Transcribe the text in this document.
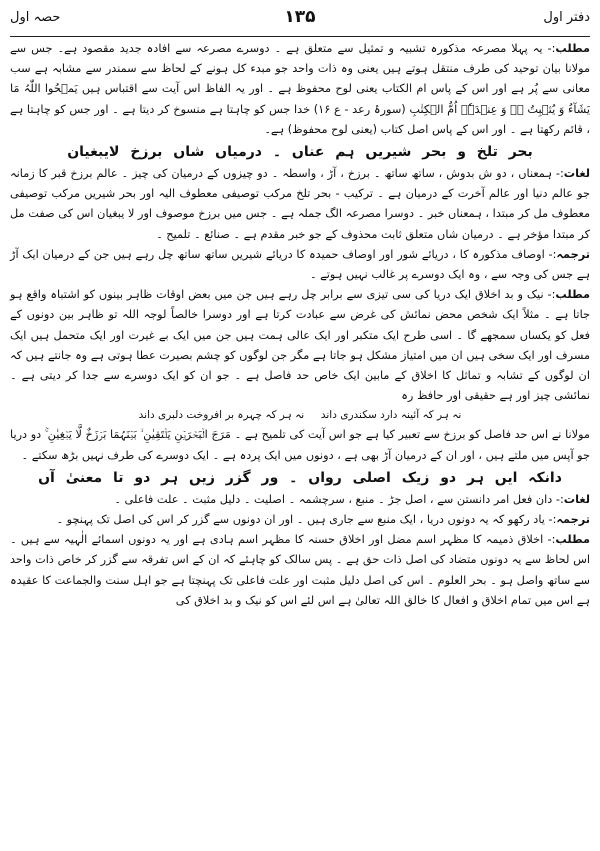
حصہ اول	۱۳۵	دفتر اول

مطلب:- یہ پہلا مصرعہ مذکورہ تشبیہ و تمثیل سے متعلق ہے ۔ دوسرے مصرعہ سے افادہ جدید مقصود ہے۔ جس سے مولانا بیان توحید کی طرف منتقل ہوتے ہیں یعنی وہ ذات واحد جو مبدء کل ہونے کے لحاظ سے سمندر سے مشابہ ہے سب معانی سے پُر ہے اور اس کے پاس ام الکتاب یعنی لوح محفوظ ہے ۔ اور یہ الفاظ اس آیت سے اقتباس ہیں یَمۡحُوا اللّٰہُ مَا یَشَآءُ وَ یُثۡبِتُ ۚۖ وَ عِنۡدَہٗۤ اُمُّ الۡکِتٰبِ (سورۂ رعد - ع ۱۶) خدا جس کو چاہتا ہے منسوخ کر دیتا ہے ۔ اور جس کو چاہتا ہے ، قائم رکھتا ہے ۔ اور اس کے پاس اصل کتاب (یعنی لوح محفوظ) ہے۔

بحر تلخ و بحر شیریں ہم عناں ۔ درمیاں شاں برزخ لایبغیان

لغات:- ہمعناں ، دو ش بدوش ، ساتھ ساتھ ۔ برزخ ، آڑ ، واسطہ ۔ دو چیزوں کے درمیان کی چیز ۔ عالم برزخ قبر کا زمانہ جو عالم دنیا اور عالم آخرت کے درمیان ہے ۔ ترکیب - بحر تلخ مرکب توصیفی معطوف الیہ اور بحر شیریں مرکب توصیفی معطوف مل کر مبتدا ، ہمعناں خبر ۔ دوسرا مصرعہ الگ جملہ ہے ۔ جس میں برزخ موصوف اور لا یبغیان اس کی صفت مل کر مبتدا مؤخر ہے ۔ درمیان شاں متعلق ثابت محذوف کے جو خبر مقدم ہے ۔ صنائع ۔ تلمیح ۔

ترجمہ:- اوصاف مذکورہ کا ، دریائے شور اور اوصاف حمیدہ کا دریائے شیریں ساتھ ساتھ چل رہے ہیں جن کے درمیان ایک آڑ ہے جس کی وجہ سے ، وہ ایک دوسرے پر غالب نہیں ہوتے ۔

مطلب:- نیک و بد اخلاق ایک دریا کی سی تیزی سے برابر چل رہے ہیں جن میں بعض اوقات ظاہر بینوں کو اشتباہ واقع ہو جاتا ہے ۔ مثلاً ایک شخص محض نمائش کی غرض سے عبادت کرتا ہے اور دوسرا خالصاً لوجہ اللہ تو ظاہر بین دونوں کے فعل کو یکساں سمجھے گا ۔ اسی طرح ایک متکبر اور ایک عالی ہمت ہیں جن میں ایک بے غیرت اور ایک متحمل ہیں ایک مسرف اور ایک سخی ہیں ان میں امتیاز مشکل ہو جاتا ہے مگر جن لوگوں کو چشم بصیرت عطا ہوتی ہے وہ جانتے ہیں کہ ان لوگوں کے تشابہ و تماثل کا اخلاق کے مابین ایک خاص حد فاصل ہے ۔ جو ان کو ایک دوسرے سے جدا کر دیتی ہے ۔ نمائشی چیز اور ہے حقیقی اور حافظ رہ

نہ ہر کہ آئینہ دارد سکندری داند     نہ ہر کہ چہرہ بر افروخت دلبری داند

مولانا نے اس حد فاصل کو برزخ سے تعبیر کیا ہے جو اس آیت کی تلمیح ہے ۔ مَرَجَ الۡبَحۡرَیۡنِ یَلۡتَقِیٰنِ ۙ بَیۡنَہُمَا بَرۡزَخٌ لَّا یَبۡغِیٰنِ ۚ دو دریا جو آپس میں ملتے ہیں ، اور ان کے درمیان آڑ بھی ہے ، دونوں میں ایک پردہ ہے ۔ ایک دوسرے کی طرف نہیں بڑھ سکتے ۔

دانکہ ایں ہر دو زیک اصلی رواں ۔ ور گزر زیں ہر دو تا معنیٰ آں

لغات:- دان فعل امر دانستن سے ، اصل جڑ ۔ منبع ، سرچشمہ ۔ اصلیت ۔ دلیل مثبت ۔ علت فاعلی ۔

ترجمہ:- یاد رکھو کہ یہ دونوں دریا ، ایک منبع سے جاری ہیں ۔ اور ان دونوں سے گزر کر اس کی اصل تک پہنچو ۔

مطلب:- اخلاق ذمیمہ کا مظہر اسم مضل اور اخلاق حسنہ کا مظہر اسم ہادی ہے اور یہ دونوں اسمائے الٰہیہ سے ہیں ۔ اس لحاظ سے یہ دونوں متضاد کی اصل ذات حق ہے ۔ پس سالک کو چاہئے کہ ان کے اس تفرقہ سے گزر کر خاص ذات واحد سے ساتھ واصل ہو ۔ بحر العلوم ۔ اس کی اصل دلیل مثبت اور علت فاعلی تک پہنچتا ہے جو اہل سنت والجماعت کا عقیدہ ہے اس میں تمام اخلاق و افعال کا خالق اللہ تعالیٰ ہے اس لئے اس کو نیک و بد اخلاق کی
